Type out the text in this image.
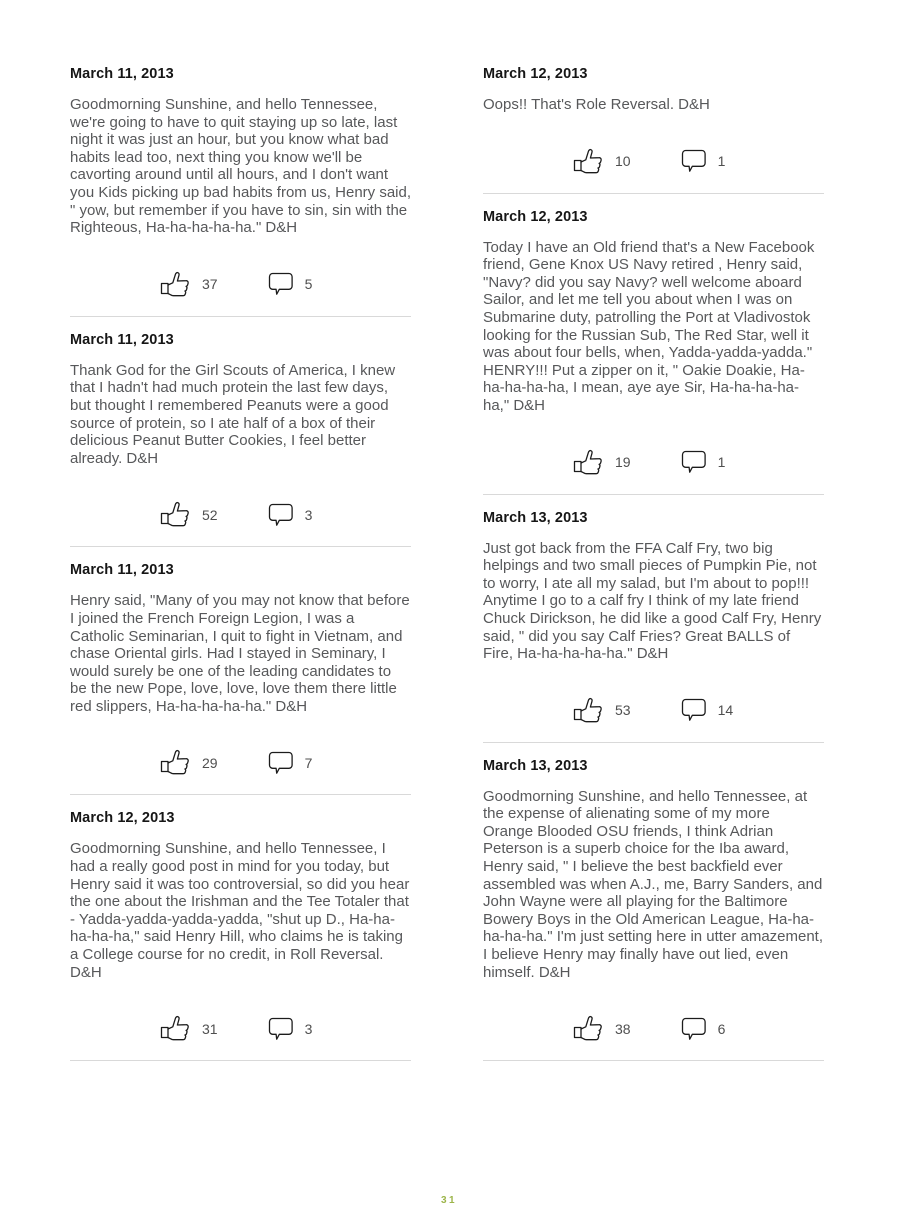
March 11, 2013

Goodmorning Sunshine, and hello Tennessee, we're going to have to quit staying up so late, last night it was just an hour, but you know what bad habits lead too, next thing you know we'll be cavorting around until all hours, and I don't want you Kids picking up bad habits from us, Henry said, " yow, but remember if you have to sin, sin with the Righteous, Ha-ha-ha-ha-ha." D&H

37	5
March 11, 2013

Thank God for the Girl Scouts of America, I knew that I hadn't had much protein the last few days, but thought I remembered Peanuts were a good source of protein, so I ate half of a box of their delicious Peanut Butter Cookies, I feel better already. D&H

52	3
March 11, 2013

Henry said, "Many of you may not know that before I joined the French Foreign Legion, I was a Catholic Seminarian, I quit to fight in Vietnam, and chase Oriental girls. Had I stayed in Seminary, I would surely be one of the leading candidates to be the new Pope, love, love, love them there little red slippers, Ha-ha-ha-ha-ha." D&H

29	7
March 12, 2013

Goodmorning Sunshine, and hello Tennessee, I had a really good post in mind for you today, but Henry said it was too controversial, so did you hear the one about the Irishman and the Tee Totaler that - Yadda-yadda-yadda-yadda, "shut up D., Ha-ha-ha-ha-ha," said Henry Hill, who claims he is taking a College course for no credit, in Roll Reversal. D&H

31	3
March 12, 2013

Oops!! That's Role Reversal. D&H

10	1
March 12, 2013

Today I have an Old friend that's a New Facebook friend, Gene Knox US Navy retired , Henry said, "Navy? did you say Navy? well welcome aboard Sailor, and let me tell you about when I was on Submarine duty, patrolling the Port at Vladivostok looking for the Russian Sub, The Red Star, well it was about four bells, when, Yadda-yadda-yadda." HENRY!!! Put a zipper on it, " Oakie Doakie, Ha-ha-ha-ha-ha, I mean, aye aye Sir, Ha-ha-ha-ha-ha," D&H

19	1
March 13, 2013

Just got back from the FFA Calf Fry, two big helpings and two small pieces of Pumpkin Pie, not to worry, I ate all my salad, but I'm about to pop!!! Anytime I go to a calf fry I think of my late friend Chuck Dirickson, he did like a good Calf Fry, Henry said, " did you say Calf Fries? Great BALLS of Fire, Ha-ha-ha-ha-ha." D&H

53	14
March 13, 2013

Goodmorning Sunshine, and hello Tennessee, at the expense of alienating some of my more Orange Blooded OSU friends, I think Adrian Peterson is a superb choice for the Iba award, Henry said, " I believe the best backfield ever assembled was when A.J., me, Barry Sanders, and John Wayne were all playing for the Baltimore Bowery Boys in the Old American League, Ha-ha-ha-ha-ha." I'm just setting here in utter amazement, I believe Henry may finally have out lied, even himself. D&H

38	6
31
